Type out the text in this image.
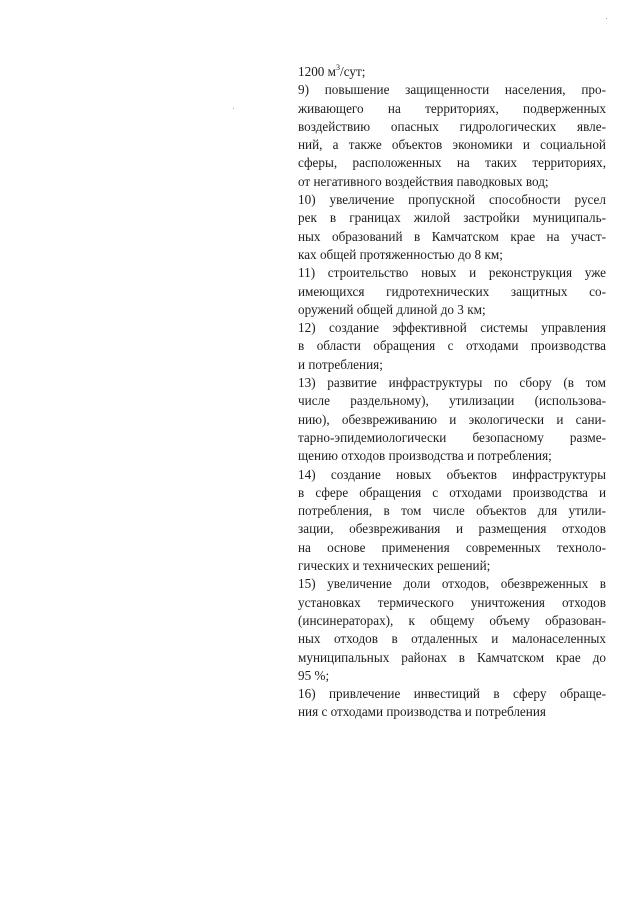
1200 $м^3$/сут;
9) повышение защищенности населения, про-
живающего на территориях, подверженных
воздействию опасных гидрологических явле-
ний, а также объектов экономики и социальной
сферы, расположенных на таких территориях,
от негативного воздействия паводковых вод;
10) увеличение пропускной способности русел
рек в границах жилой застройки муниципаль-
ных образований в Камчатском крае на участ-
ках общей протяженностью до 8 км;
11) строительство новых и реконструкция уже
имеющихся гидротехнических защитных со-
оружений общей длиной до 3 км;
12) создание эффективной системы управления
в области обращения с отходами производства
и потребления;
13) развитие инфраструктуры по сбору (в том
числе раздельному), утилизации (использова-
нию), обезвреживанию и экологически и сани-
тарно-эпидемиологически безопасному разме-
щению отходов производства и потребления;
14) создание новых объектов инфраструктуры
в сфере обращения с отходами производства и
потребления, в том числе объектов для утили-
зации, обезвреживания и размещения отходов
на основе применения современных техноло-
гических и технических решений;
15) увеличение доли отходов, обезвреженных в
установках термического уничтожения отходов
(инсинераторах), к общему объему образован-
ных отходов в отдаленных и малонаселенных
муниципальных районах в Камчатском крае до
95 %;
16) привлечение инвестиций в сферу обраще-
ния с отходами производства и потребления
